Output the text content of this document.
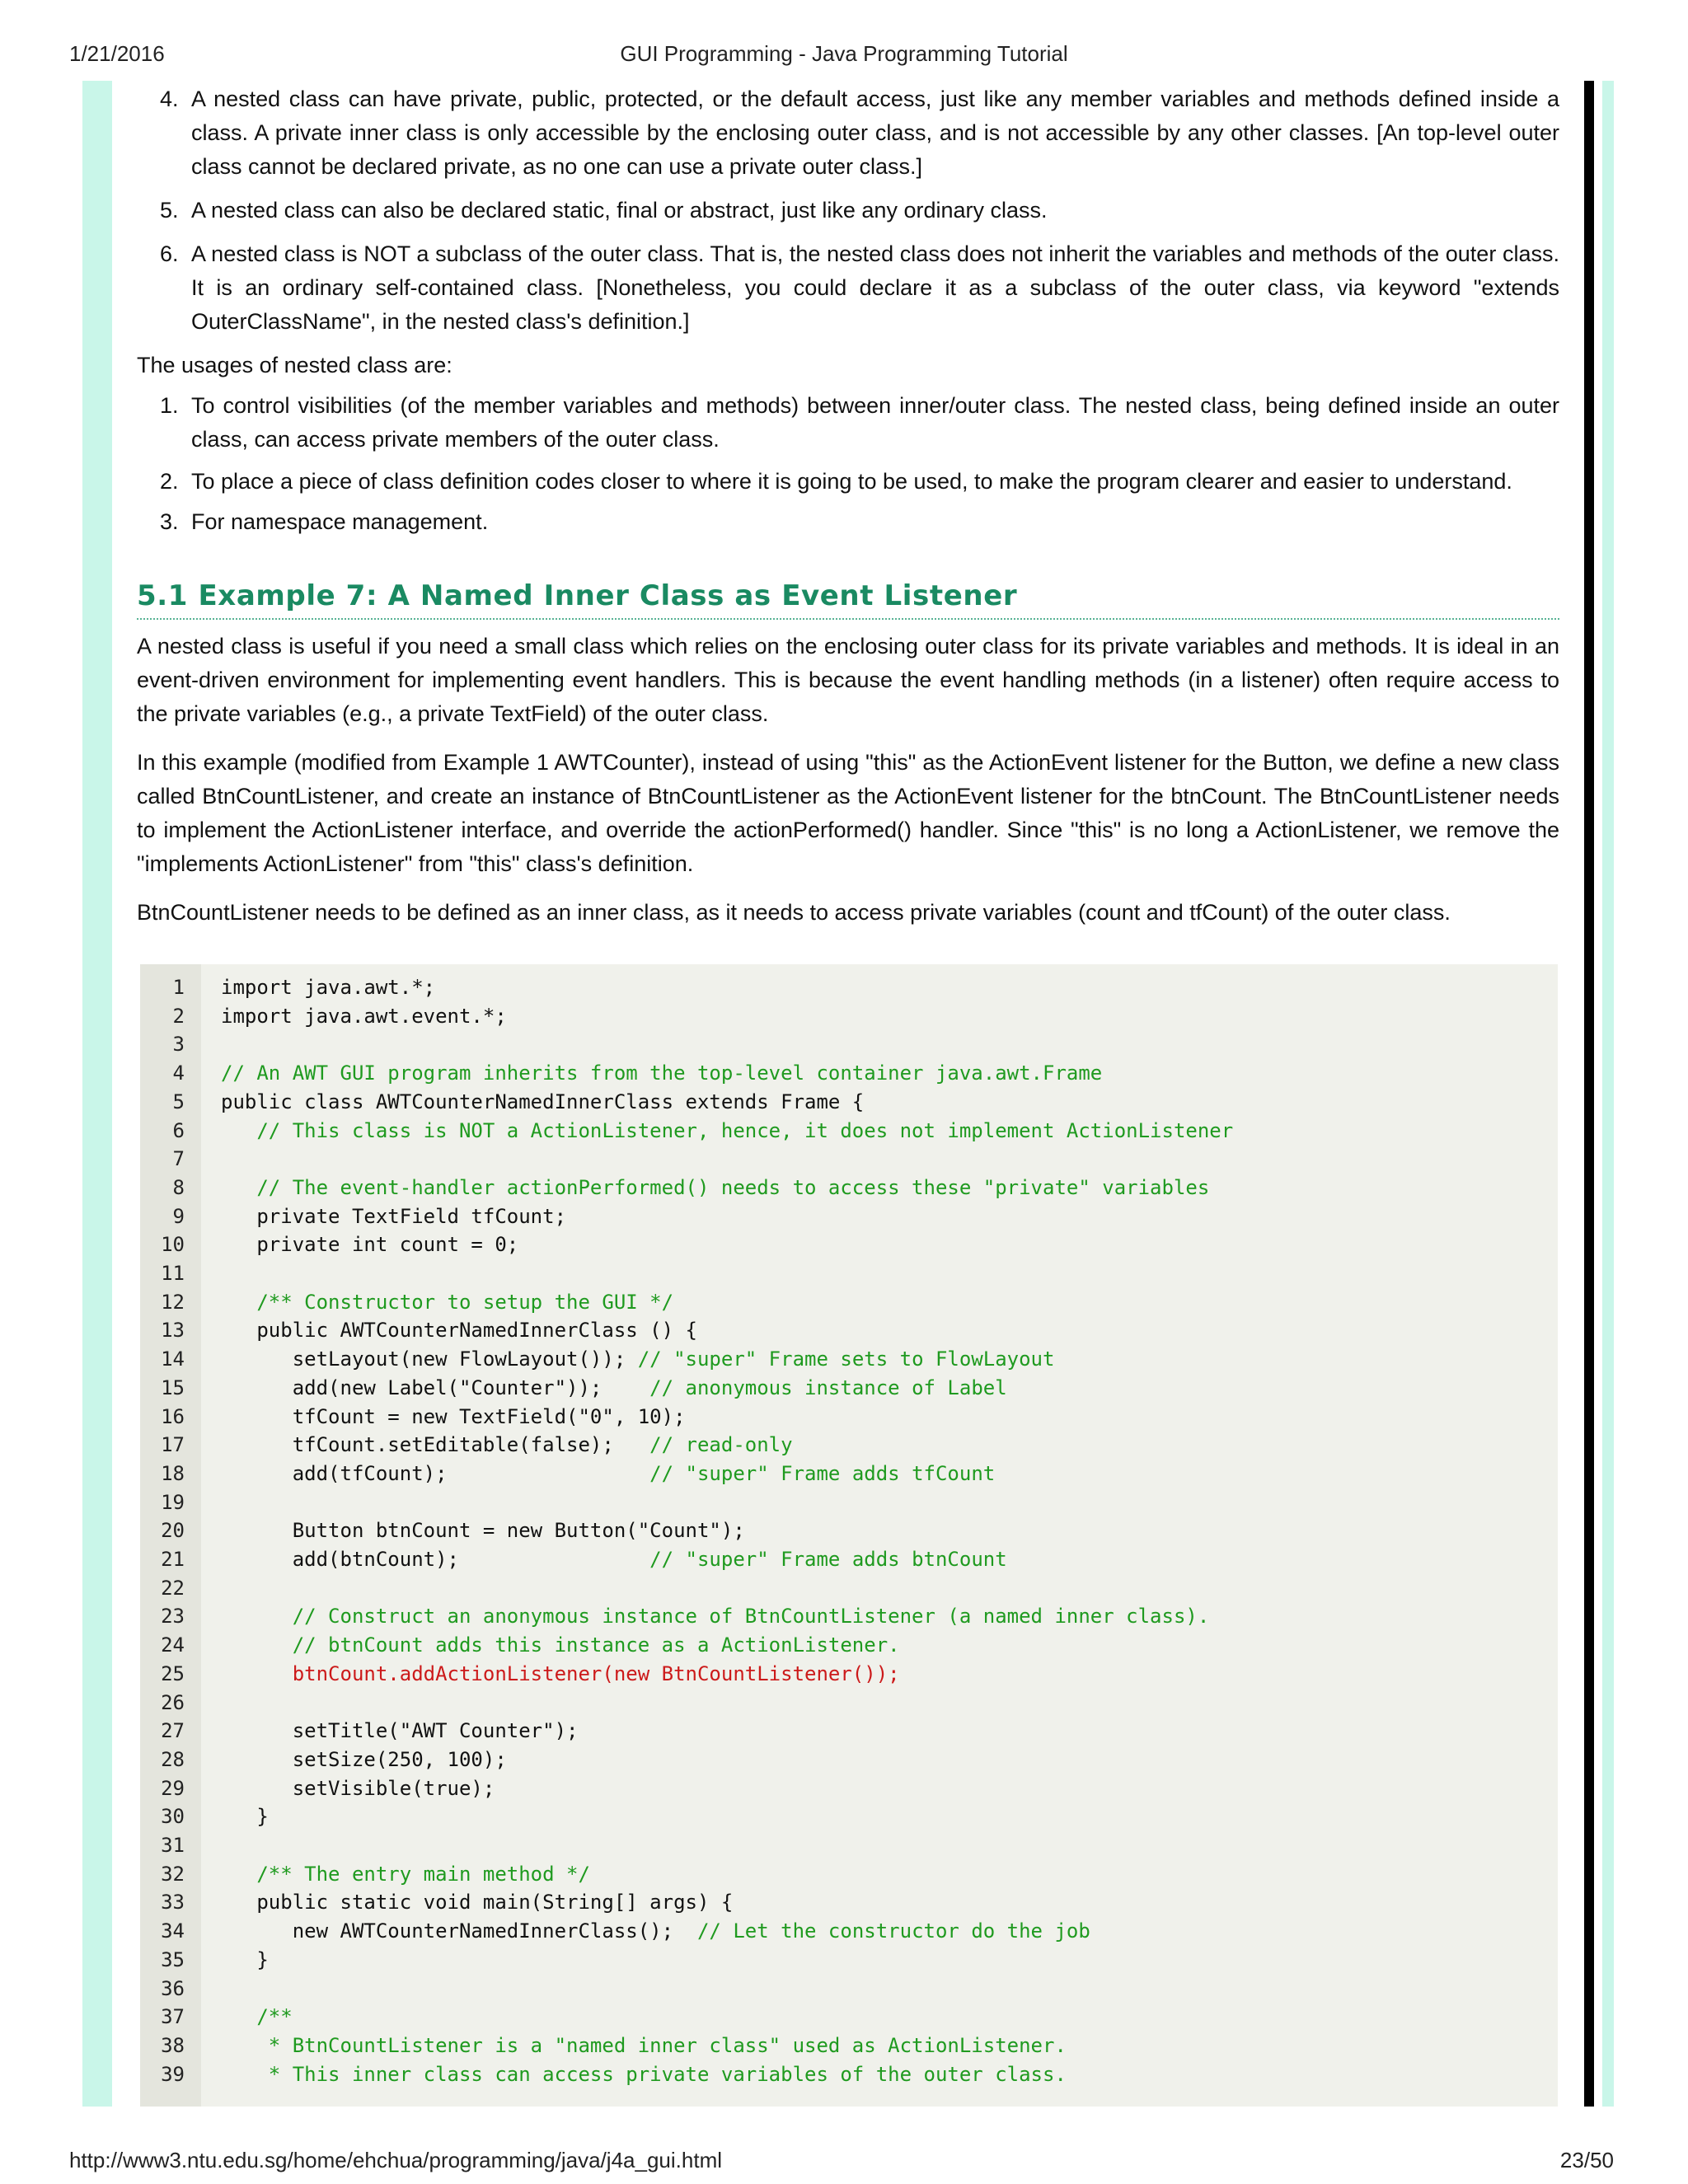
1/21/2016	GUI Programming - Java Programming Tutorial
4. A nested class can have private, public, protected, or the default access, just like any member variables and methods defined inside a class. A private inner class is only accessible by the enclosing outer class, and is not accessible by any other classes. [An top-level outer class cannot be declared private, as no one can use a private outer class.]
5. A nested class can also be declared static, final or abstract, just like any ordinary class.
6. A nested class is NOT a subclass of the outer class. That is, the nested class does not inherit the variables and methods of the outer class. It is an ordinary self-contained class. [Nonetheless, you could declare it as a subclass of the outer class, via keyword "extends OuterClassName", in the nested class's definition.]

The usages of nested class are:

1. To control visibilities (of the member variables and methods) between inner/outer class. The nested class, being defined inside an outer class, can access private members of the outer class.
2. To place a piece of class definition codes closer to where it is going to be used, to make the program clearer and easier to understand.
3. For namespace management.
5.1 Example 7: A Named Inner Class as Event Listener

A nested class is useful if you need a small class which relies on the enclosing outer class for its private variables and methods. It is ideal in an event-driven environment for implementing event handlers. This is because the event handling methods (in a listener) often require access to the private variables (e.g., a private TextField) of the outer class.

In this example (modified from Example 1 AWTCounter), instead of using "this" as the ActionEvent listener for the Button, we define a new class called BtnCountListener, and create an instance of BtnCountListener as the ActionEvent listener for the btnCount. The BtnCountListener needs to implement the ActionListener interface, and override the actionPerformed() handler. Since "this" is no long a ActionListener, we remove the "implements ActionListener" from "this" class's definition.

BtnCountListener needs to be defined as an inner class, as it needs to access private variables (count and tfCount) of the outer class.

1 import java.awt.*;
2 import java.awt.event.*;
3
4 // An AWT GUI program inherits from the top-level container java.awt.Frame
5 public class AWTCounterNamedInnerClass extends Frame {
6 // This class is NOT a ActionListener, hence, it does not implement ActionListener
7
8 // The event-handler actionPerformed() needs to access these "private" variables
9 private TextField tfCount;
10 private int count = 0;
11
12 /** Constructor to setup the GUI */
13 public AWTCounterNamedInnerClass () {
14 setLayout(new FlowLayout()); // "super" Frame sets to FlowLayout
15 add(new Label("Counter"));    // anonymous instance of Label
16 tfCount = new TextField("0", 10);
17 tfCount.setEditable(false);   // read-only
18 add(tfCount);                 // "super" Frame adds tfCount
19
20 Button btnCount = new Button("Count");
21 add(btnCount);                // "super" Frame adds btnCount
22
23 // Construct an anonymous instance of BtnCountListener (a named inner class).
24 // btnCount adds this instance as a ActionListener.
25 btnCount.addActionListener(new BtnCountListener());
26
27 setTitle("AWT Counter");
28 setSize(250, 100);
29 setVisible(true);
30 }
31
32 /** The entry main method */
33 public static void main(String[] args) {
34 new AWTCounterNamedInnerClass();  // Let the constructor do the job
35 }
36
37 /**
38 * BtnCountListener is a "named inner class" used as ActionListener.
39 * This inner class can access private variables of the outer class.
http://www3.ntu.edu.sg/home/ehchua/programming/java/j4a_gui.html	23/50
